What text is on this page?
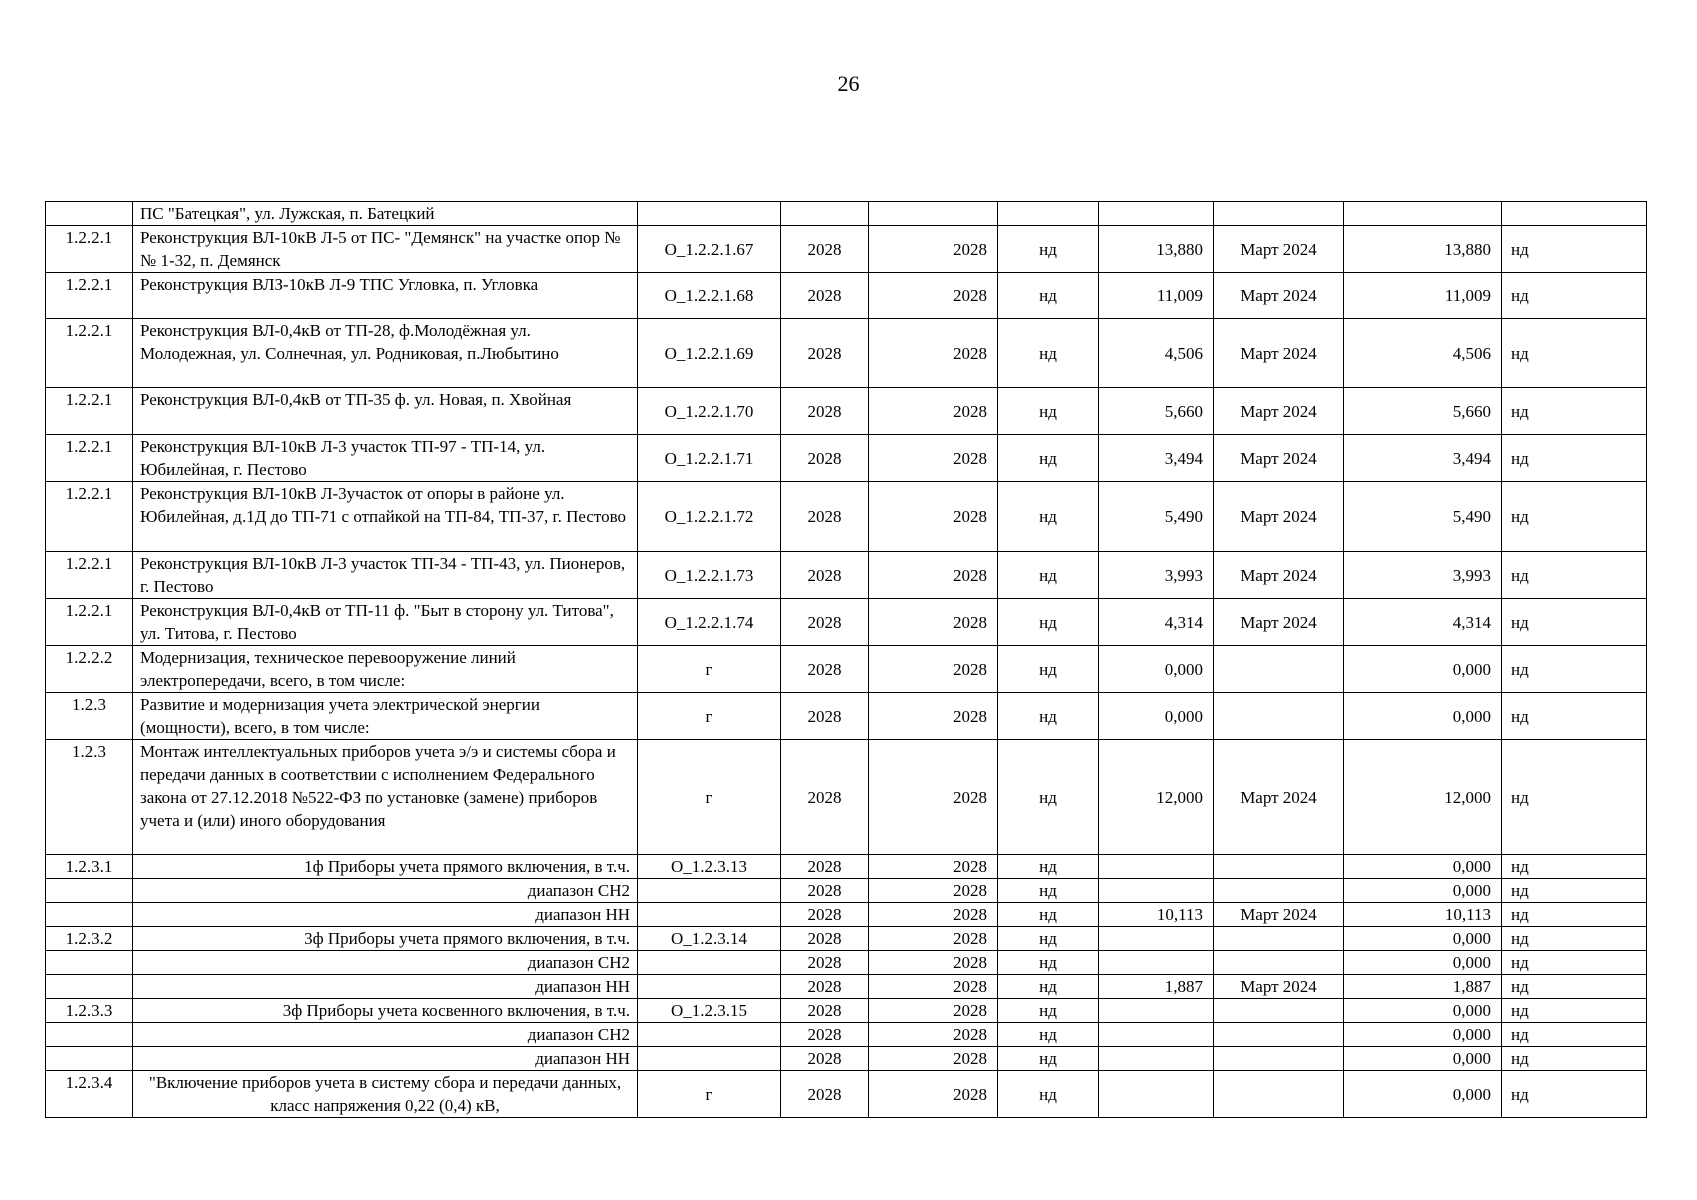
26
	ПС "Батецкая", ул. Лужская, п. Батецкий								
1.2.2.1	Реконструкция ВЛ-10кВ Л-5 от ПС- "Демянск" на участке опор №№ 1-32, п. Демянск	О_1.2.2.1.67	2028	2028	нд	13,880	Март 2024	13,880	нд
1.2.2.1	Реконструкция ВЛЗ-10кВ Л-9 ТПС Угловка, п. Угловка	О_1.2.2.1.68	2028	2028	нд	11,009	Март 2024	11,009	нд
1.2.2.1	Реконструкция ВЛ-0,4кВ от ТП-28, ф.Молодёжная ул. Молодежная, ул. Солнечная, ул. Родниковая, п.Любытино	О_1.2.2.1.69	2028	2028	нд	4,506	Март 2024	4,506	нд
1.2.2.1	Реконструкция ВЛ-0,4кВ от ТП-35 ф. ул. Новая, п. Хвойная	О_1.2.2.1.70	2028	2028	нд	5,660	Март 2024	5,660	нд
1.2.2.1	Реконструкция ВЛ-10кВ Л-3 участок ТП-97 - ТП-14, ул. Юбилейная, г. Пестово	О_1.2.2.1.71	2028	2028	нд	3,494	Март 2024	3,494	нд
1.2.2.1	Реконструкция ВЛ-10кВ Л-3участок от опоры в районе ул. Юбилейная, д.1Д до ТП-71 с отпайкой на ТП-84, ТП-37, г. Пестово	О_1.2.2.1.72	2028	2028	нд	5,490	Март 2024	5,490	нд
1.2.2.1	Реконструкция ВЛ-10кВ Л-3 участок ТП-34 - ТП-43, ул. Пионеров, г. Пестово	О_1.2.2.1.73	2028	2028	нд	3,993	Март 2024	3,993	нд
1.2.2.1	Реконструкция ВЛ-0,4кВ от ТП-11 ф. "Быт в сторону ул. Титова", ул. Титова, г. Пестово	О_1.2.2.1.74	2028	2028	нд	4,314	Март 2024	4,314	нд
1.2.2.2	Модернизация, техническое перевооружение линий электропередачи, всего, в том числе:	г	2028	2028	нд	0,000		0,000	нд
1.2.3	Развитие и модернизация учета электрической энергии (мощности), всего, в том числе:	г	2028	2028	нд	0,000		0,000	нд
1.2.3	Монтаж интеллектуальных приборов учета э/э и системы сбора и передачи данных в соответствии с исполнением Федерального закона от 27.12.2018 №522-ФЗ по установке (замене) приборов учета и (или) иного оборудования	г	2028	2028	нд	12,000	Март 2024	12,000	нд
1.2.3.1	1ф Приборы учета прямого включения, в т.ч.	О_1.2.3.13	2028	2028	нд			0,000	нд
	диапазон СН2		2028	2028	нд			0,000	нд
	диапазон НН		2028	2028	нд	10,113	Март 2024	10,113	нд
1.2.3.2	3ф Приборы учета прямого включения, в т.ч.	О_1.2.3.14	2028	2028	нд			0,000	нд
	диапазон СН2		2028	2028	нд			0,000	нд
	диапазон НН		2028	2028	нд	1,887	Март 2024	1,887	нд
1.2.3.3	3ф Приборы учета косвенного включения, в т.ч.	О_1.2.3.15	2028	2028	нд			0,000	нд
	диапазон СН2		2028	2028	нд			0,000	нд
	диапазон НН		2028	2028	нд			0,000	нд
1.2.3.4	"Включение приборов учета в систему сбора и передачи данных, класс напряжения 0,22 (0,4) кВ,	г	2028	2028	нд			0,000	нд
